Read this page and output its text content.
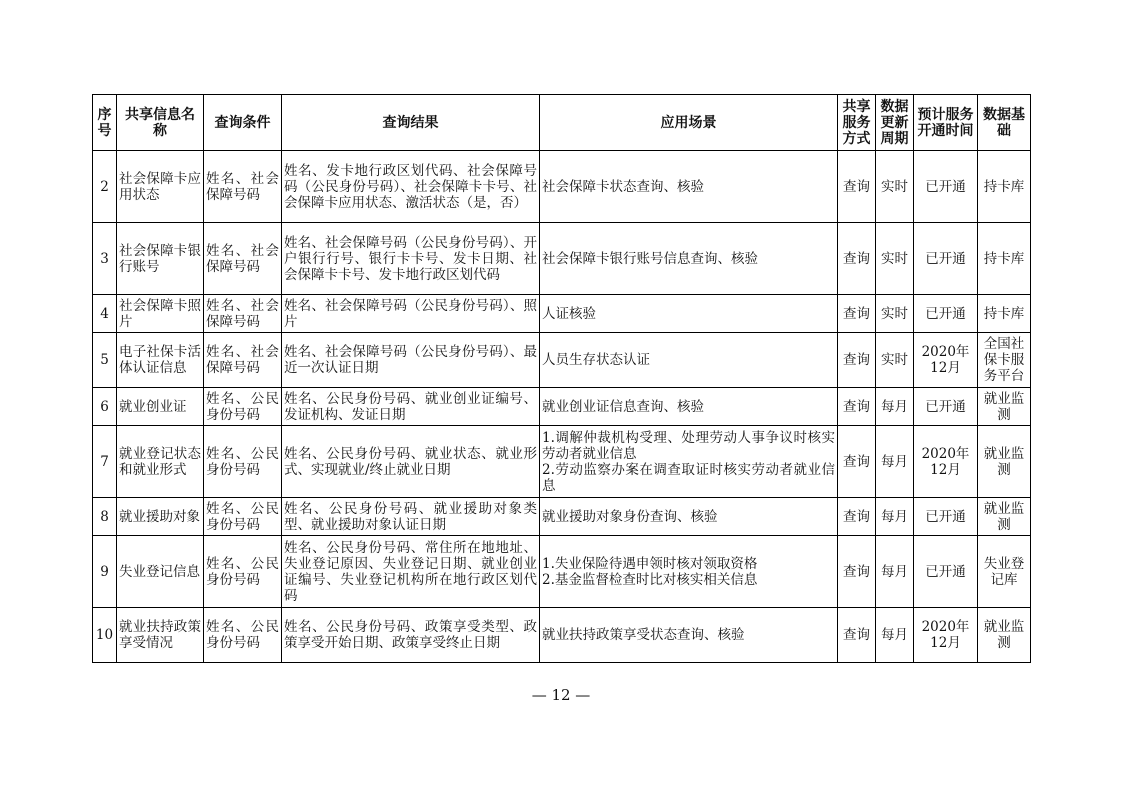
序号	共享信息名称	查询条件	查询结果	应用场景	共享服务方式	数据更新周期	预计服务开通时间	数据基础
2	社会保障卡应用状态	姓名、社会保障号码	姓名、发卡地行政区划代码、社会保障号码（公民身份号码）、社会保障卡卡号、社会保障卡应用状态、激活状态（是，否）	社会保障卡状态查询、核验	查询	实时	已开通	持卡库
3	社会保障卡银行账号	姓名、社会保障号码	姓名、社会保障号码（公民身份号码）、开户银行行号、银行卡卡号、发卡日期、社会保障卡卡号、发卡地行政区划代码	社会保障卡银行账号信息查询、核验	查询	实时	已开通	持卡库
4	社会保障卡照片	姓名、社会保障号码	姓名、社会保障号码（公民身份号码）、照片	人证核验	查询	实时	已开通	持卡库
5	电子社保卡活体认证信息	姓名、社会保障号码	姓名、社会保障号码（公民身份号码）、最近一次认证日期	人员生存状态认证	查询	实时	2020年12月	全国社保卡服务平台
6	就业创业证	姓名、公民身份号码	姓名、公民身份号码、就业创业证编号、发证机构、发证日期	就业创业证信息查询、核验	查询	每月	已开通	就业监测
7	就业登记状态和就业形式	姓名、公民身份号码	姓名、公民身份号码、就业状态、就业形式、实现就业/终止就业日期	1.调解仲裁机构受理、处理劳动人事争议时核实劳动者就业信息
2.劳动监察办案在调查取证时核实劳动者就业信息	查询	每月	2020年12月	就业监测
8	就业援助对象	姓名、公民身份号码	姓名、公民身份号码、就业援助对象类型、就业援助对象认证日期	就业援助对象身份查询、核验	查询	每月	已开通	就业监测
9	失业登记信息	姓名、公民身份号码	姓名、公民身份号码、常住所在地地址、失业登记原因、失业登记日期、就业创业证编号、失业登记机构所在地行政区划代码	1.失业保险待遇申领时核对领取资格
2.基金监督检查时比对核实相关信息	查询	每月	已开通	失业登记库
10	就业扶持政策享受情况	姓名、公民身份号码	姓名、公民身份号码、政策享受类型、政策享受开始日期、政策享受终止日期	就业扶持政策享受状态查询、核验	查询	每月	2020年12月	就业监测
— 12 —
